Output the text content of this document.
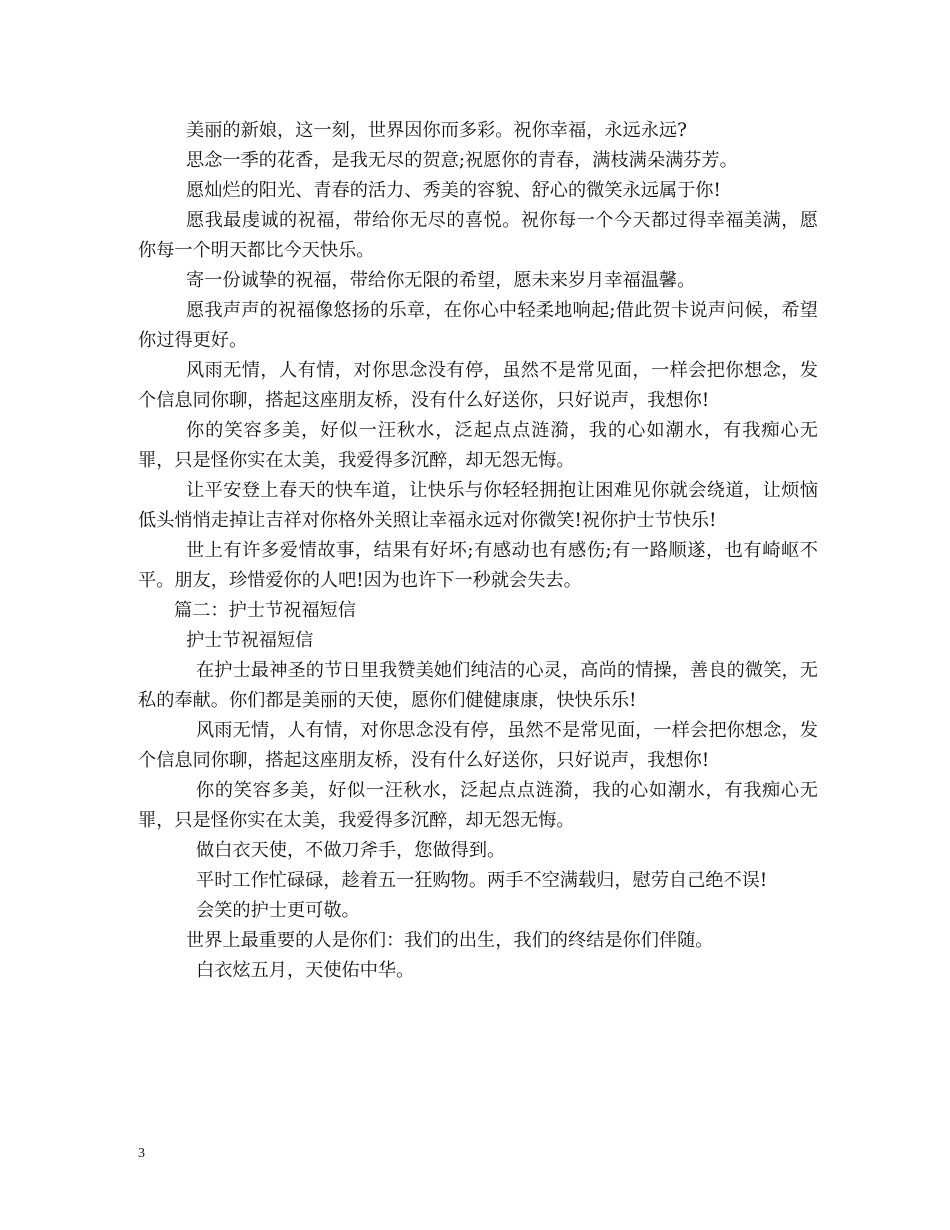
美丽的新娘，这一刻，世界因你而多彩。祝你幸福，永远永远?

思念一季的花香，是我无尽的贺意;祝愿你的青春，满枝满朵满芬芳。

愿灿烂的阳光、青春的活力、秀美的容貌、舒心的微笑永远属于你!

愿我最虔诚的祝福，带给你无尽的喜悦。祝你每一个今天都过得幸福美满，愿你每一个明天都比今天快乐。

寄一份诚挚的祝福，带给你无限的希望，愿未来岁月幸福温馨。

愿我声声的祝福像悠扬的乐章，在你心中轻柔地响起;借此贺卡说声问候，希望你过得更好。

风雨无情，人有情，对你思念没有停，虽然不是常见面，一样会把你想念，发个信息同你聊，搭起这座朋友桥，没有什么好送你，只好说声，我想你!

你的笑容多美，好似一汪秋水，泛起点点涟漪，我的心如潮水，有我痴心无罪，只是怪你实在太美，我爱得多沉醉，却无怨无悔。

让平安登上春天的快车道，让快乐与你轻轻拥抱让困难见你就会绕道，让烦恼低头悄悄走掉让吉祥对你格外关照让幸福永远对你微笑!祝你护士节快乐!

世上有许多爱情故事，结果有好坏;有感动也有感伤;有一路顺遂，也有崎岖不平。朋友，珍惜爱你的人吧!因为也许下一秒就会失去。

篇二：护士节祝福短信

护士节祝福短信

在护士最神圣的节日里我赞美她们纯洁的心灵，高尚的情操，善良的微笑，无私的奉献。你们都是美丽的天使，愿你们健健康康，快快乐乐!

风雨无情，人有情，对你思念没有停，虽然不是常见面，一样会把你想念，发个信息同你聊，搭起这座朋友桥，没有什么好送你，只好说声，我想你!

你的笑容多美，好似一汪秋水，泛起点点涟漪，我的心如潮水，有我痴心无罪，只是怪你实在太美，我爱得多沉醉，却无怨无悔。

做白衣天使，不做刀斧手，您做得到。

平时工作忙碌碌，趁着五一狂购物。两手不空满载归，慰劳自己绝不误!

会笑的护士更可敬。

世界上最重要的人是你们：我们的出生，我们的终结是你们伴随。

白衣炫五月，天使佑中华。

3
